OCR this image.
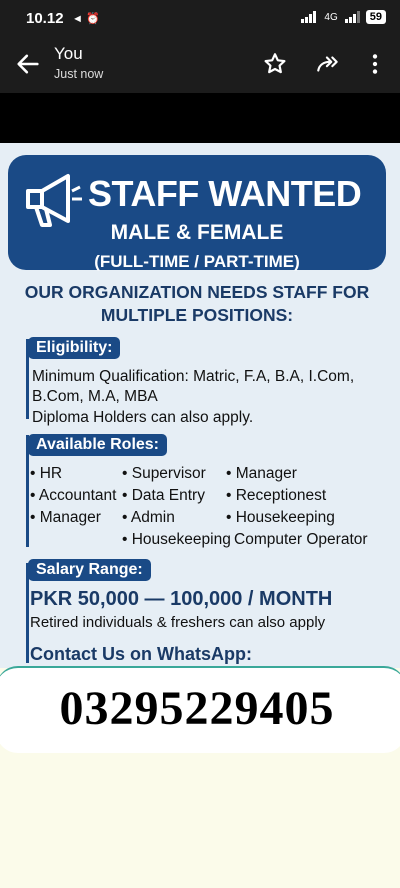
10.12 ◄ ⏰	4G	59
You
Just now
STAFF WANTED
MALE & FEMALE
(FULL-TIME / PART-TIME)
OUR ORGANIZATION NEEDS STAFF FOR
MULTIPLE POSITIONS:
Eligibility:
Minimum Qualification: Matric, F.A, B.A, I.Com,
B.Com, M.A, MBA
Diploma Holders can also apply.
Available Roles:
• HR	• Supervisor • Manager
• Accountant • Data Entry • Receptionest
• Manager • Admin	• Housekeeping
• Housekeeping Computer Operator
Salary Range:
PKR 50,000 — 100,000 / MONTH
Retired individuals & freshers can also apply
Contact Us on WhatsApp:
03295229405
